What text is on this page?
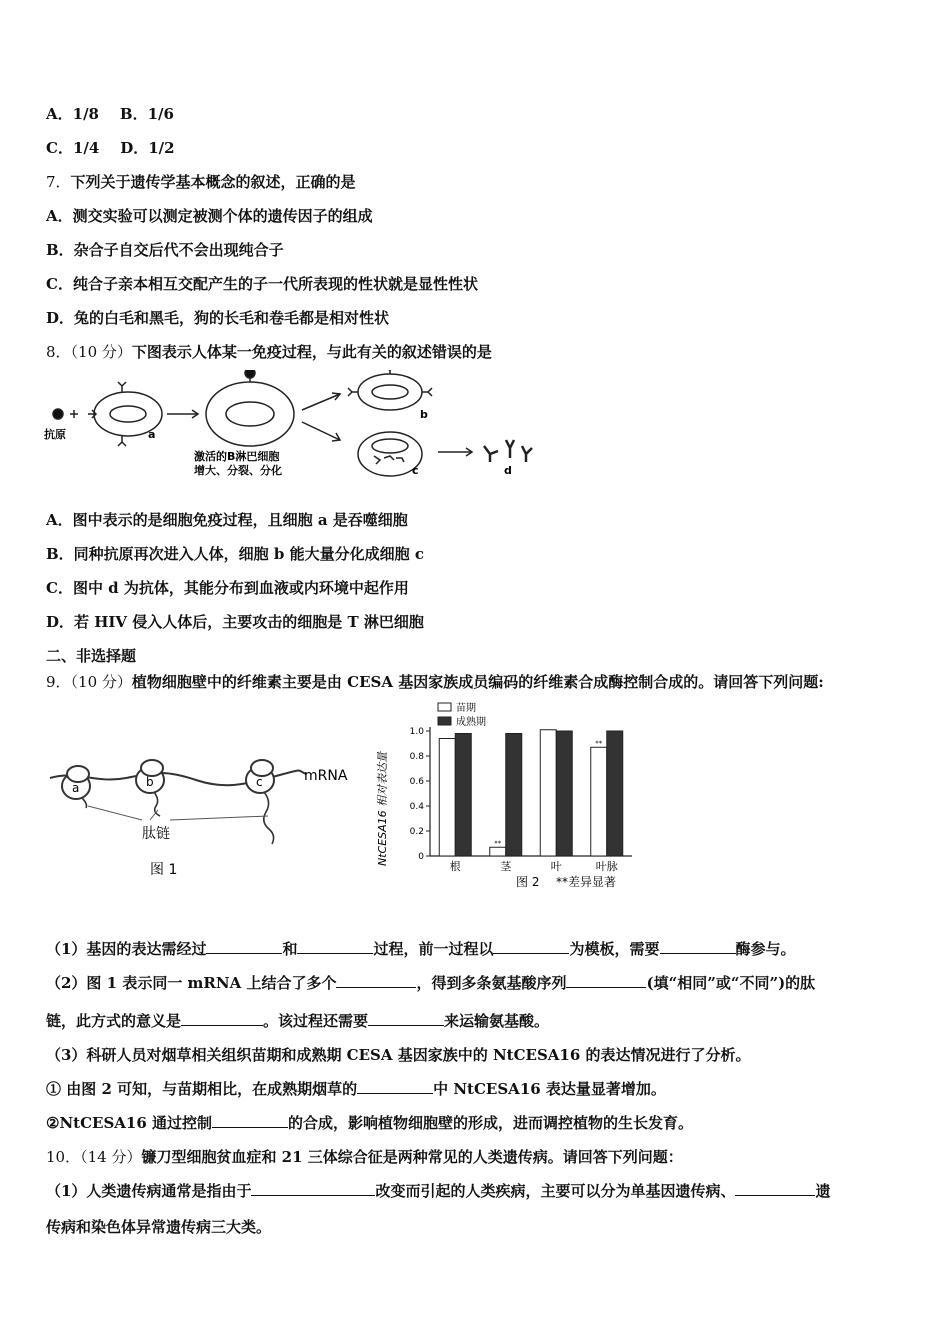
A．1/8 B．1/6
C．1/4 D．1/2
7．下列关于遗传学基本概念的叙述，正确的是
A．测交实验可以测定被测个体的遗传因子的组成
B．杂合子自交后代不会出现纯合子
C．纯合子亲本相互交配产生的子一代所表现的性状就是显性性状
D．兔的白毛和黑毛，狗的长毛和卷毛都是相对性状
8．（10 分）下图表示人体某一免疫过程，与此有关的叙述错误的是
抗原	a
b
c	d
激活的B淋巴细胞
增大、分裂、分化
A．图中表示的是细胞免疫过程，且细胞 a 是吞噬细胞
B．同种抗原再次进入人体，细胞 b 能大量分化成细胞 c
C．图中 d 为抗体，其能分布到血液或内环境中起作用
D．若 HIV 侵入人体后，主要攻击的细胞是 T 淋巴细胞
二、非选择题
9．（10 分）植物细胞壁中的纤维素主要是由 CESA 基因家族成员编码的纤维素合成酶控制合成的。请回答下列问题:
a	b	c	mRNA
肽链
图 1
0
0.2
0.4
0.6
0.8
1.0
**
**
根	茎	叶	叶脉
苗期
成熟期
NtCESA16 相对表达量
图 2 **差异显著
（1）基因的表达需经过	和	过程，前一过程以	为模板，需要	酶参与。
（2）图 1 表示同一 mRNA 上结合了多个	，得到多条氨基酸序列	(填“相同”或“不同”)的肽
链，此方式的意义是	。该过程还需要	来运输氨基酸。
（3）科研人员对烟草相关组织苗期和成熟期 CESA 基因家族中的 NtCESA16 的表达情况进行了分析。
① 由图 2 可知，与苗期相比，在成熟期烟草的	中 NtCESA16 表达量显著增加。
②NtCESA16 通过控制	的合成，影响植物细胞壁的形成，进而调控植物的生长发育。
10．（14 分）镰刀型细胞贫血症和 21 三体综合征是两种常见的人类遗传病。请回答下列问题：
（1）人类遗传病通常是指由于	改变而引起的人类疾病，主要可以分为单基因遗传病、	遗
传病和染色体异常遗传病三大类。
